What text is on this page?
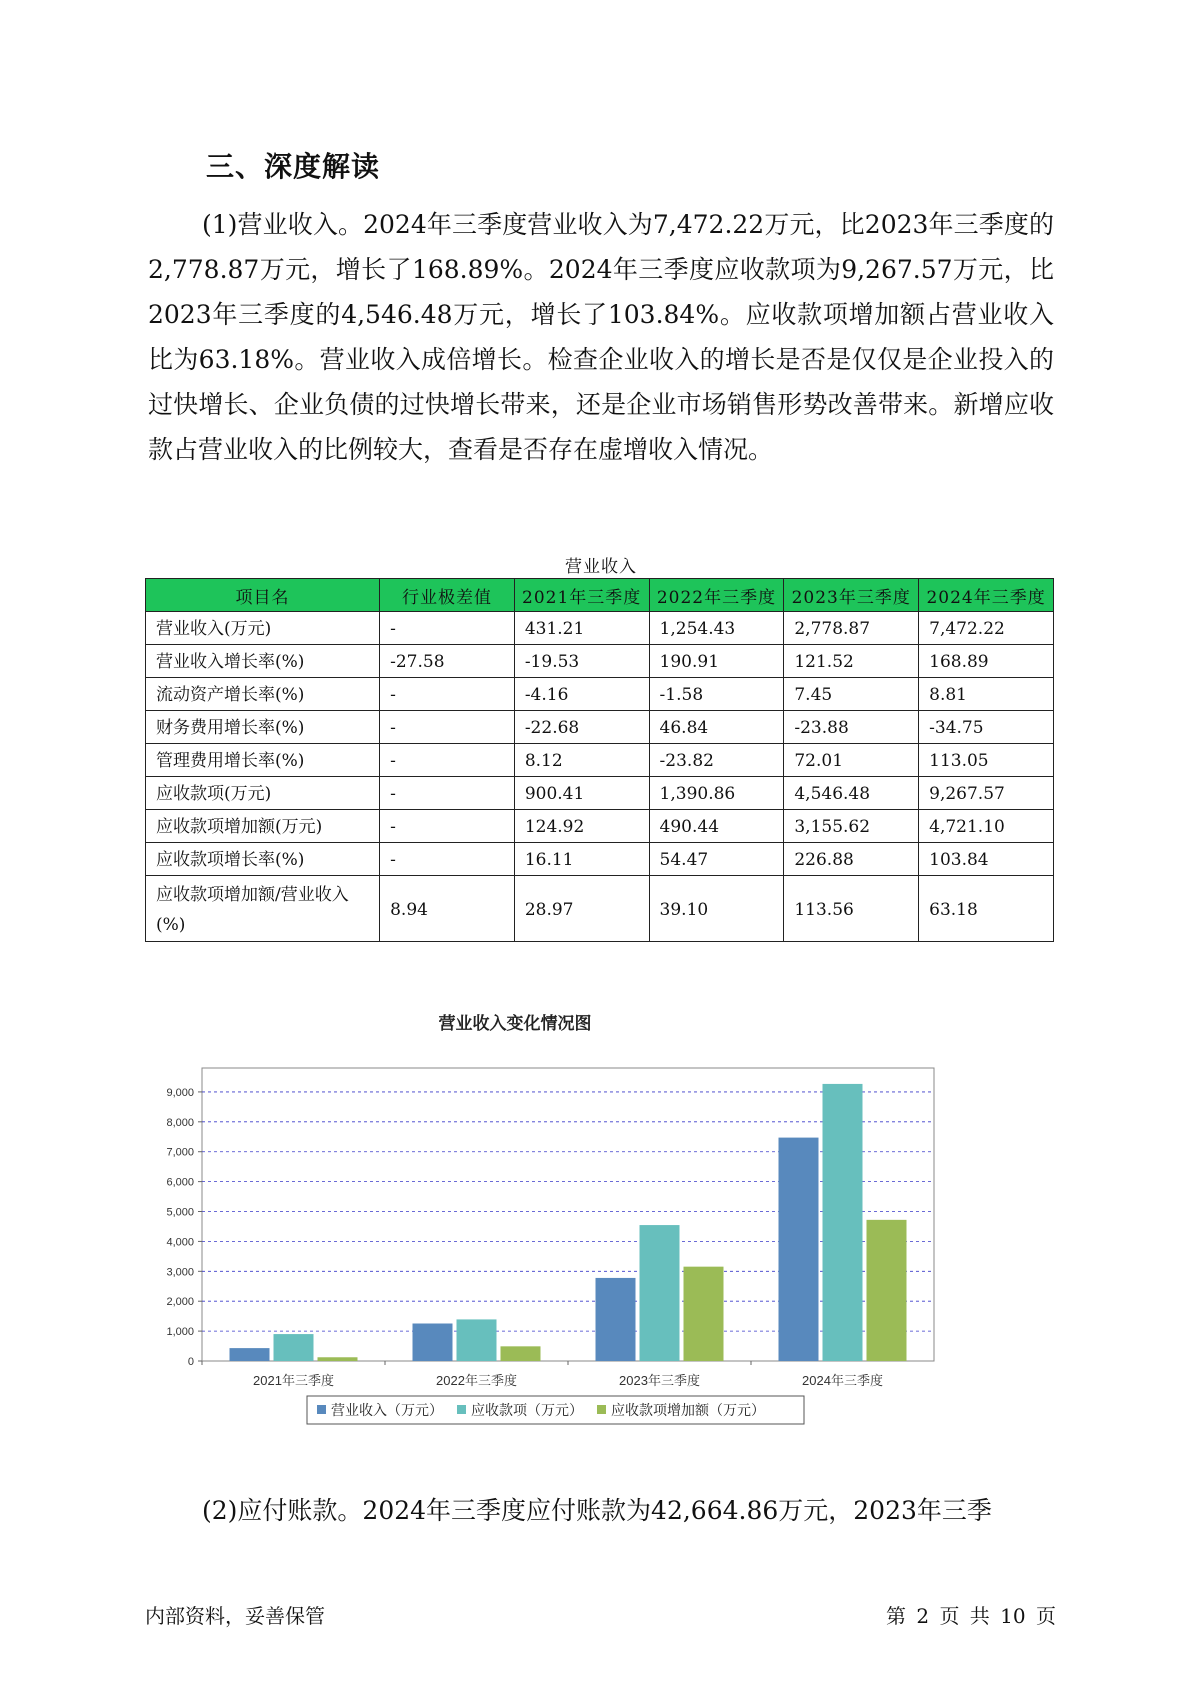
三、深度解读

(1)营业收入。2024年三季度营业收入为7,472.22万元，比2023年三季度的2,778.87万元，增长了168.89%。2024年三季度应收款项为9,267.57万元，比2023年三季度的4,546.48万元，增长了103.84%。应收款项增加额占营业收入比为63.18%。营业收入成倍增长。检查企业收入的增长是否是仅仅是企业投入的过快增长、企业负债的过快增长带来，还是企业市场销售形势改善带来。新增应收款占营业收入的比例较大，查看是否存在虚增收入情况。

营业收入
项目名	行业极差值	2021年三季度	2022年三季度	2023年三季度	2024年三季度
营业收入(万元)	-	431.21	1,254.43	2,778.87	7,472.22
营业收入增长率(%)	-27.58	-19.53	190.91	121.52	168.89
流动资产增长率(%)	-	-4.16	-1.58	7.45	8.81
财务费用增长率(%)	-	-22.68	46.84	-23.88	-34.75
管理费用增长率(%)	-	8.12	-23.82	72.01	113.05
应收款项(万元)	-	900.41	1,390.86	4,546.48	9,267.57
应收款项增加额(万元)	-	124.92	490.44	3,155.62	4,721.10
应收款项增长率(%)	-	16.11	54.47	226.88	103.84
应收款项增加额/营业收入(%)	8.94	28.97	39.10	113.56	63.18
营业收入变化情况图
0
1,000
2,000
3,000
4,000
5,000
6,000
7,000
8,000
9,000
2021年三季度	2022年三季度	2023年三季度	2024年三季度
营业收入（万元） 应收款项（万元） 应收款项增加额（万元）

(2)应付账款。2024年三季度应付账款为42,664.86万元，2023年三季

内部资料，妥善保管	第 2 页 共 10 页
